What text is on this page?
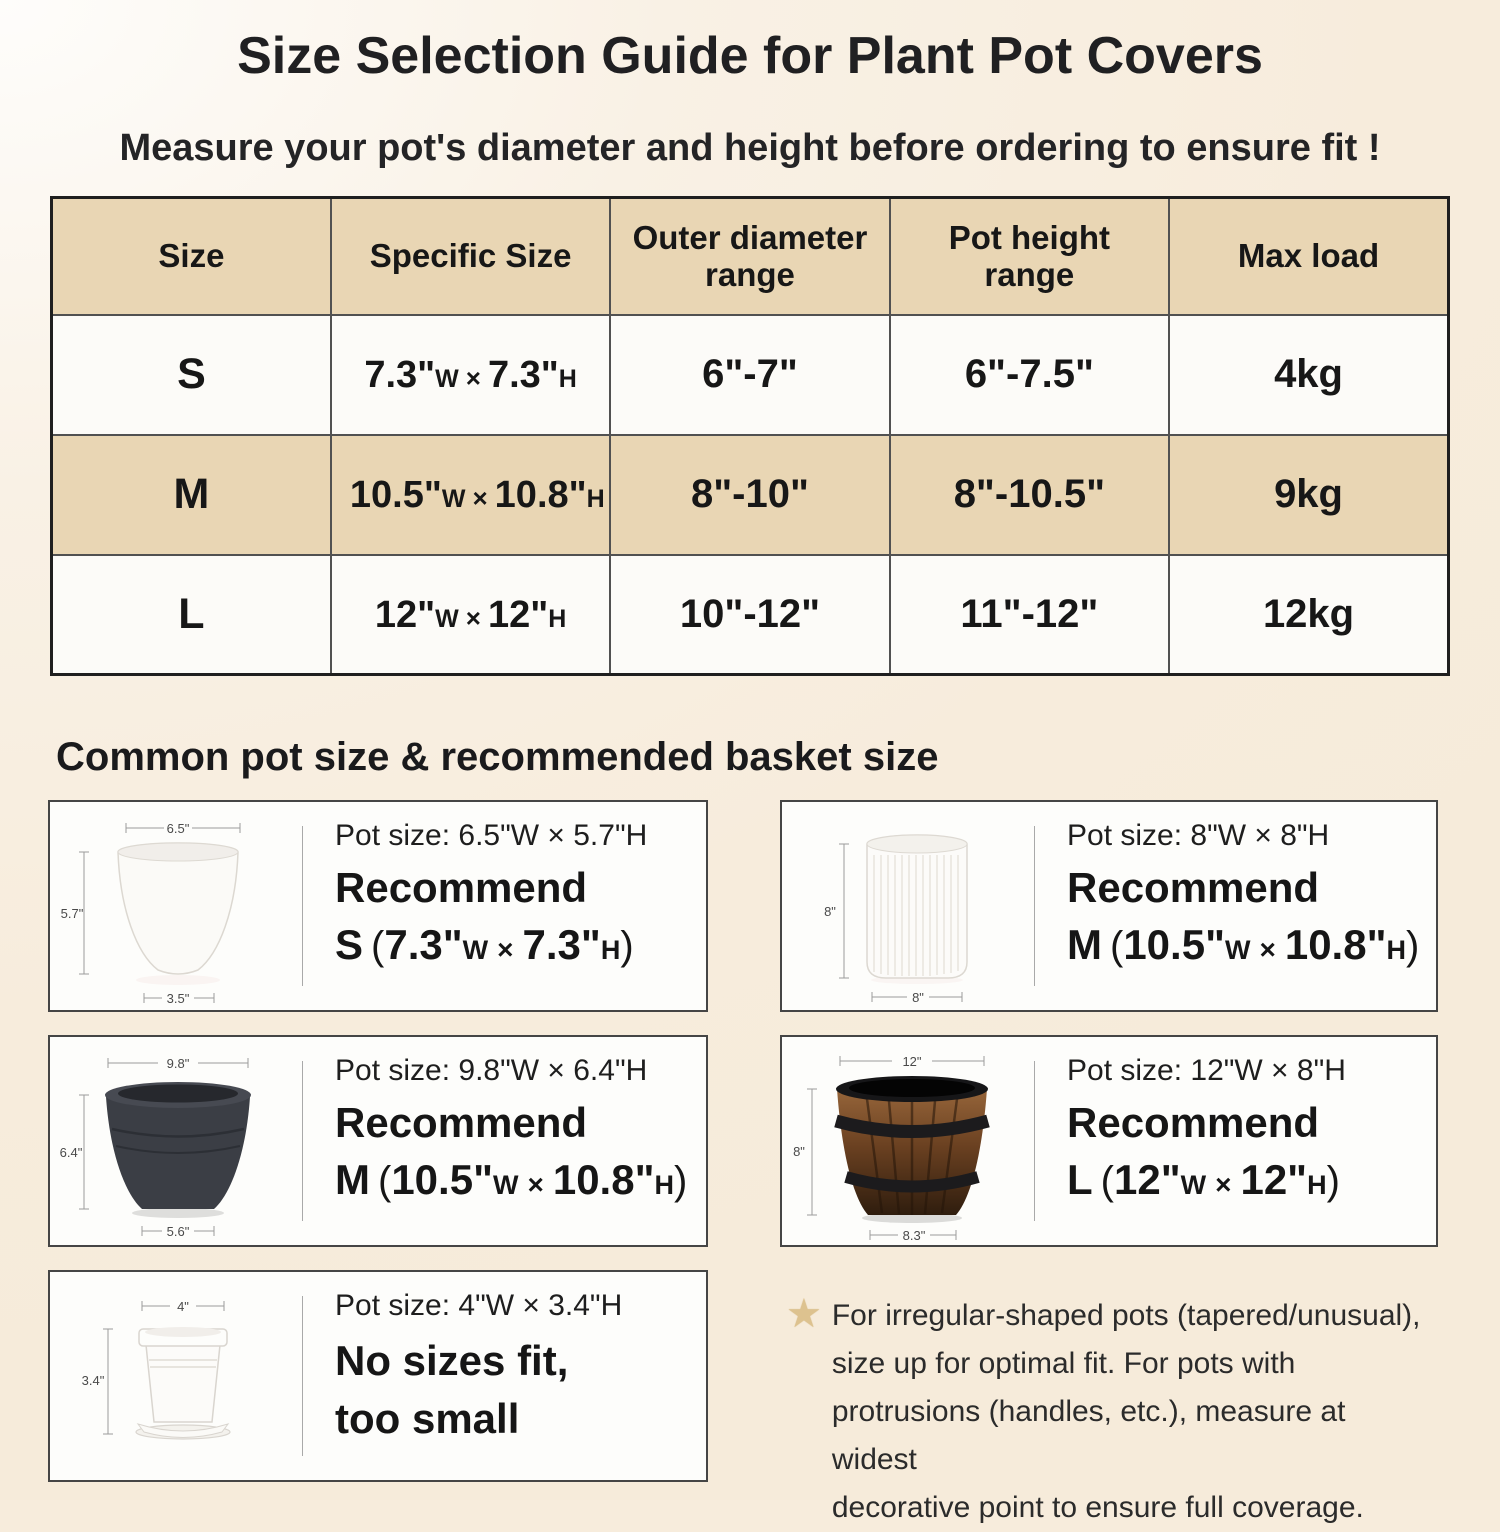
Size Selection Guide for Plant Pot Covers
Measure your pot's diameter and height before ordering to ensure fit !
Size	Specific Size	Outer diameter range	Pot height range	Max load
S	7.3"W × 7.3"H	6"-7"	6"-7.5"	4kg
M	10.5"W × 10.8"H	8"-10"	8"-10.5"	9kg
L	12"W × 12"H	10"-12"	11"-12"	12kg
Common pot size & recommended basket size
6.5"
5.7"
3.5"
Pot size: 6.5"W × 5.7"H
Recommend
S (7.3"W × 7.3"H)
8"
8"
Pot size: 8"W × 8"H
Recommend
M (10.5"W × 10.8"H)
9.8"
6.4"
5.6"
Pot size: 9.8"W × 6.4"H
Recommend
M (10.5"W × 10.8"H)
12"
8"
8.3"
Pot size: 12"W × 8"H
Recommend
L (12"W × 12"H)
4"
3.4"
Pot size: 4"W × 3.4"H
No sizes fit,
too small
★ For irregular-shaped pots (tapered/unusual),
size up for optimal fit. For pots with
protrusions (handles, etc.), measure at widest
decorative point to ensure full coverage.
